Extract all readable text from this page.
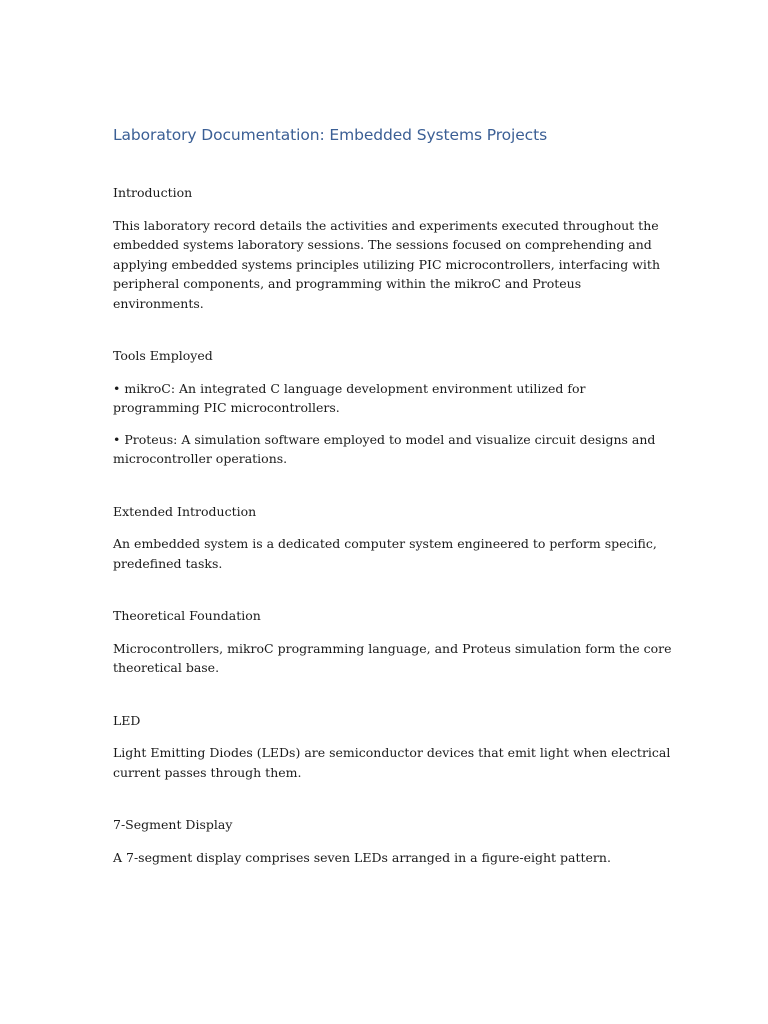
Laboratory Documentation: Embedded Systems Projects
Introduction

This laboratory record details the activities and experiments executed throughout the embedded systems laboratory sessions. The sessions focused on comprehending and applying embedded systems principles utilizing PIC microcontrollers, interfacing with peripheral components, and programming within the mikroC and Proteus environments.

Tools Employed

• mikroC: An integrated C language development environment utilized for programming PIC microcontrollers.

• Proteus: A simulation software employed to model and visualize circuit designs and microcontroller operations.

Extended Introduction

An embedded system is a dedicated computer system engineered to perform specific, predefined tasks.

Theoretical Foundation

Microcontrollers, mikroC programming language, and Proteus simulation form the core theoretical base.

LED

Light Emitting Diodes (LEDs) are semiconductor devices that emit light when electrical current passes through them.

7-Segment Display

A 7-segment display comprises seven LEDs arranged in a figure-eight pattern.
